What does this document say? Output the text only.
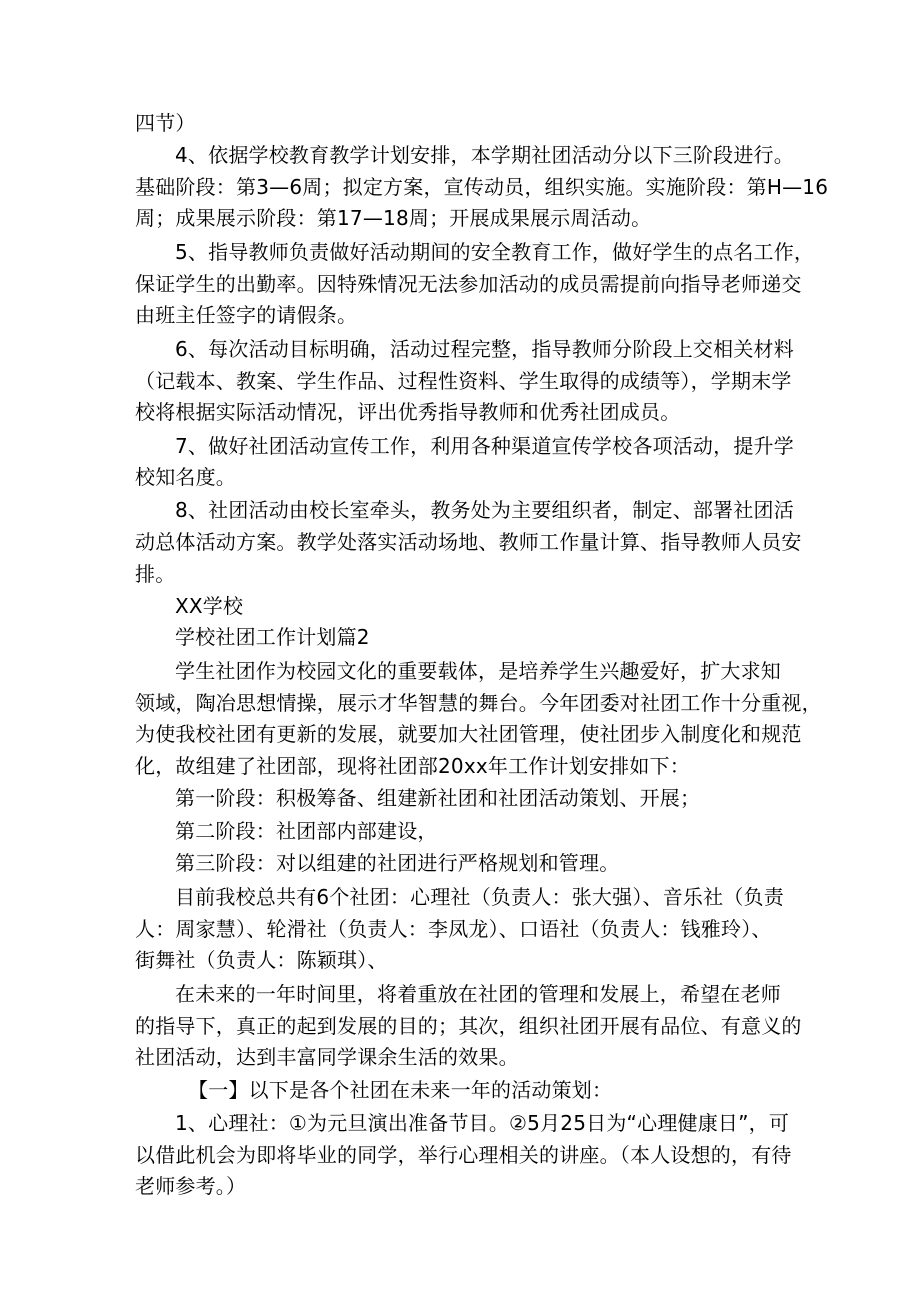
四节）
4、依据学校教育教学计划安排，本学期社团活动分以下三阶段进行。
基础阶段：第3—6周；拟定方案，宣传动员，组织实施。实施阶段：第H—16
周；成果展示阶段：第17—18周；开展成果展示周活动。
5、指导教师负责做好活动期间的安全教育工作，做好学生的点名工作，
保证学生的出勤率。因特殊情况无法参加活动的成员需提前向指导老师递交
由班主任签字的请假条。
6、每次活动目标明确，活动过程完整，指导教师分阶段上交相关材料
（记载本、教案、学生作品、过程性资料、学生取得的成绩等），学期末学
校将根据实际活动情况，评出优秀指导教师和优秀社团成员。
7、做好社团活动宣传工作，利用各种渠道宣传学校各项活动，提升学
校知名度。
8、社团活动由校长室牵头，教务处为主要组织者，制定、部署社团活
动总体活动方案。教学处落实活动场地、教师工作量计算、指导教师人员安
排。
XX学校
学校社团工作计划篇2
学生社团作为校园文化的重要载体，是培养学生兴趣爱好，扩大求知
领域，陶冶思想情操，展示才华智慧的舞台。今年团委对社团工作十分重视，
为使我校社团有更新的发展，就要加大社团管理，使社团步入制度化和规范
化，故组建了社团部，现将社团部20xx年工作计划安排如下：
第一阶段：积极筹备、组建新社团和社团活动策划、开展；
第二阶段：社团部内部建设，
第三阶段：对以组建的社团进行严格规划和管理。
目前我校总共有6个社团：心理社（负责人：张大强）、音乐社（负责
人：周家慧）、轮滑社（负责人：李凤龙）、口语社（负责人：钱雅玲）、
街舞社（负责人：陈颖琪）、
在未来的一年时间里，将着重放在社团的管理和发展上，希望在老师
的指导下，真正的起到发展的目的；其次，组织社团开展有品位、有意义的
社团活动，达到丰富同学课余生活的效果。
【一】以下是各个社团在未来一年的活动策划：
1、心理社：①为元旦演出准备节目。②5月25日为“心理健康日”，可
以借此机会为即将毕业的同学，举行心理相关的讲座。（本人设想的，有待
老师参考。）
